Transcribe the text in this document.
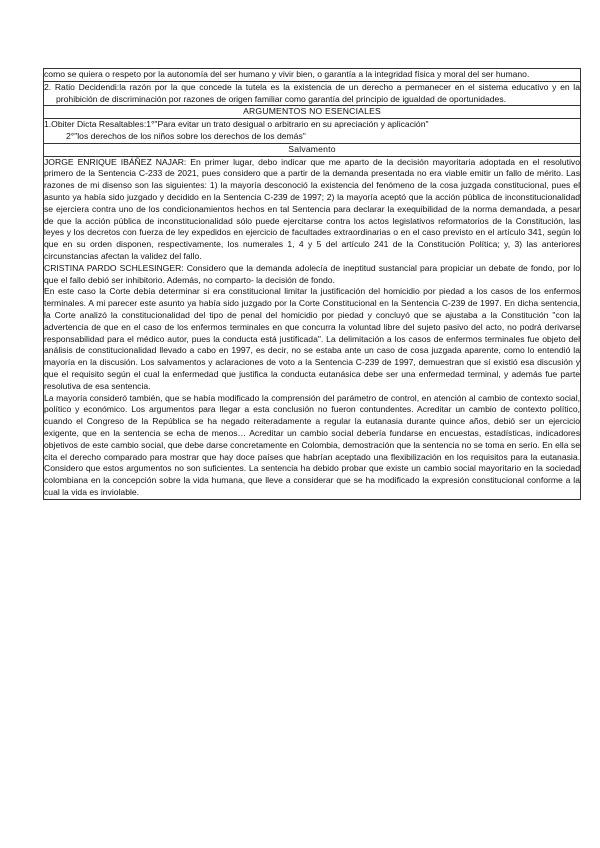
como se quiera o respeto por la autonomía del ser humano y vivir bien, o garantía a la integridad física y moral del ser humano.

2. Ratio Decidendi:la razón por la que concede la tutela es la existencia de un derecho a permanecer en el sistema educativo y en la prohibición de discriminación por razones de origen familiar como garantía del principio de igualdad de oportunidades.

ARGUMENTOS NO ESENCIALES

1.Obiter Dicta Resaltables:1°"Para evitar un trato desigual o arbitrario en su apreciación y aplicación"
2°"los derechos de los niños sobre los derechos de los demás"

Salvamento

JORGE ENRIQUE IBÁÑEZ NAJAR: En primer lugar, debo indicar que me aparto de la decisión mayoritaria adoptada en el resolutivo primero de la Sentencia C-233 de 2021, pues considero que a partir de la demanda presentada no era viable emitir un fallo de mérito. Las razones de mi disenso son las siguientes: 1) la mayoría desconoció la existencia del fenómeno de la cosa juzgada constitucional, pues el asunto ya había sido juzgado y decidido en la Sentencia C-239 de 1997; 2) la mayoría aceptó que la acción pública de inconstitucionalidad se ejerciera contra uno de los condicionamientos hechos en tal Sentencia para declarar la exequibilidad de la norma demandada, a pesar de que la acción pública de inconstitucionalidad sólo puede ejercitarse contra los actos legislativos reformatorios de la Constitución, las leyes y los decretos con fuerza de ley expedidos en ejercicio de facultades extraordinarias o en el caso previsto en el artículo 341, según lo que en su orden disponen, respectivamente, los numerales 1, 4 y 5 del artículo 241 de la Constitución Política; y, 3) las anteriores circunstancias afectan la validez del fallo.
CRISTINA PARDO SCHLESINGER: Considero que la demanda adolecía de ineptitud sustancial para propiciar un debate de fondo, por lo que el fallo debió ser inhibitorio. Además, no comparto- la decisión de fondo.
En este caso la Corte debía determinar si era constitucional limitar la justificación del homicidio por piedad a los casos de los enfermos terminales. A mi parecer este asunto ya había sido juzgado por la Corte Constitucional en la Sentencia C-239 de 1997. En dicha sentencia, la Corte analizó la constitucionalidad del tipo de penal del homicidio por piedad y concluyó que se ajustaba a la Constitución "con la advertencia de que en el caso de los enfermos terminales en que concurra la voluntad libre del sujeto pasivo del acto, no podrá derivarse responsabilidad para el médico autor, pues la conducta está justificada". La delimitación a los casos de enfermos terminales fue objeto del análisis de constitucionalidad llevado a cabo en 1997, es decir, no se estaba ante un caso de cosa juzgada aparente, como lo entendió la mayoría en la discusión. Los salvamentos y aclaraciones de voto a la Sentencia C-239 de 1997, demuestran que sí existió esa discusión y que el requisito según el cual la enfermedad que justifica la conducta eutanásica debe ser una enfermedad terminal, y además fue parte resolutiva de esa sentencia.
La mayoría consideró también, que se había modificado la comprensión del parámetro de control, en atención al cambio de contexto social, político y económico. Los argumentos para llegar a esta conclusión no fueron contundentes. Acreditar un cambio de contexto político, cuando el Congreso de la República se ha negado reiteradamente a regular la eutanasia durante quince años, debió ser un ejercicio exigente, que en la sentencia se echa de menos… Acreditar un cambio social debería fundarse en encuestas, estadísticas, indicadores objetivos de este cambio social, que debe darse concretamente en Colombia, demostración que la sentencia no se toma en serio. En ella se cita el derecho comparado para mostrar que hay doce países que habrían aceptado una flexibilización en los requisitos para la eutanasia. Considero que estos argumentos no son suficientes. La sentencia ha debido probar que existe un cambio social mayoritario en la sociedad colombiana en la concepción sobre la vida humana, que lleve a considerar que se ha modificado la expresión constitucional conforme a la cual la vida es inviolable.
